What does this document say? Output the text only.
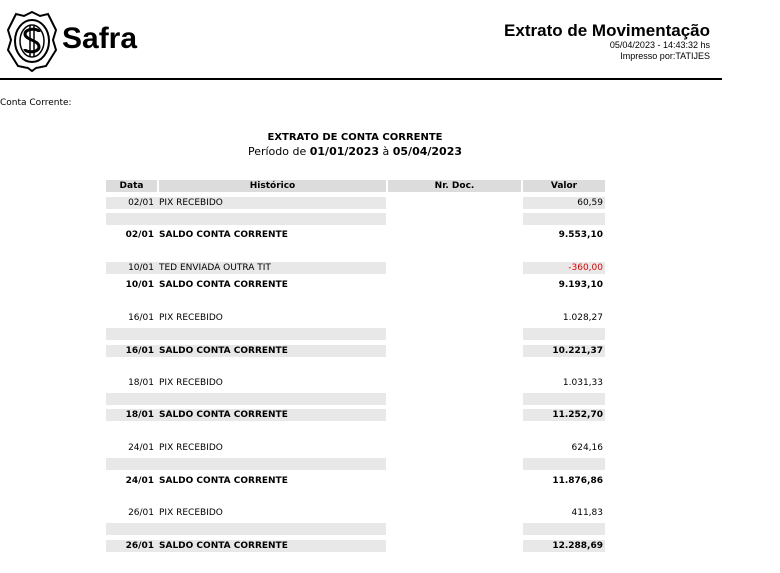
Safra	Extrato de Movimentação
05/04/2023 - 14:43:32 hs
Impresso por:TATIJES
Conta Corrente:
EXTRATO DE CONTA CORRENTE
Período de 01/01/2023 à 05/04/2023
Data	Histórico	Nr. Doc.	Valor
02/01 PIX RECEBIDO	60,59
02/01 SALDO CONTA CORRENTE	9.553,10
10/01 TED ENVIADA OUTRA TIT	-360,00
10/01 SALDO CONTA CORRENTE	9.193,10
16/01 PIX RECEBIDO	1.028,27
16/01 SALDO CONTA CORRENTE	10.221,37
18/01 PIX RECEBIDO	1.031,33
18/01 SALDO CONTA CORRENTE	11.252,70
24/01 PIX RECEBIDO	624,16
24/01 SALDO CONTA CORRENTE	11.876,86
26/01 PIX RECEBIDO	411,83
26/01 SALDO CONTA CORRENTE	12.288,69
